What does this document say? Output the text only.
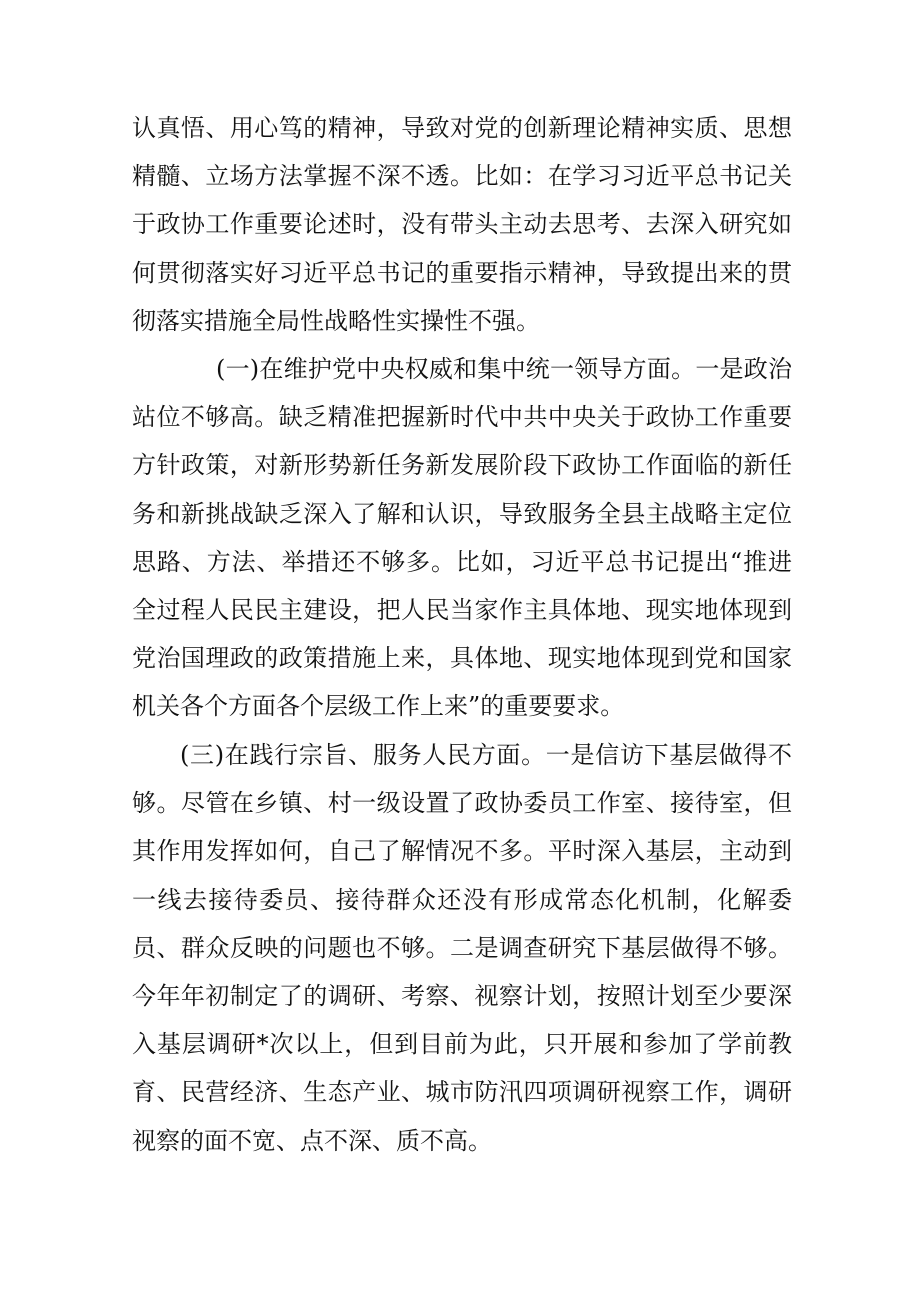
认真悟、用心笃的精神，导致对党的创新理论精神实质、思想精髓、立场方法掌握不深不透。比如：在学习习近平总书记关于政协工作重要论述时，没有带头主动去思考、去深入研究如何贯彻落实好习近平总书记的重要指示精神，导致提出来的贯彻落实措施全局性战略性实操性不强。

(一)在维护党中央权威和集中统一领导方面。一是政治站位不够高。缺乏精准把握新时代中共中央关于政协工作重要方针政策，对新形势新任务新发展阶段下政协工作面临的新任务和新挑战缺乏深入了解和认识，导致服务全县主战略主定位思路、方法、举措还不够多。比如，习近平总书记提出“推进全过程人民民主建设，把人民当家作主具体地、现实地体现到党治国理政的政策措施上来，具体地、现实地体现到党和国家机关各个方面各个层级工作上来”的重要要求。

(三)在践行宗旨、服务人民方面。一是信访下基层做得不够。尽管在乡镇、村一级设置了政协委员工作室、接待室，但其作用发挥如何，自己了解情况不多。平时深入基层，主动到一线去接待委员、接待群众还没有形成常态化机制，化解委员、群众反映的问题也不够。二是调查研究下基层做得不够。今年年初制定了的调研、考察、视察计划，按照计划至少要深入基层调研*次以上，但到目前为此，只开展和参加了学前教育、民营经济、生态产业、城市防汛四项调研视察工作，调研视察的面不宽、点不深、质不高。
